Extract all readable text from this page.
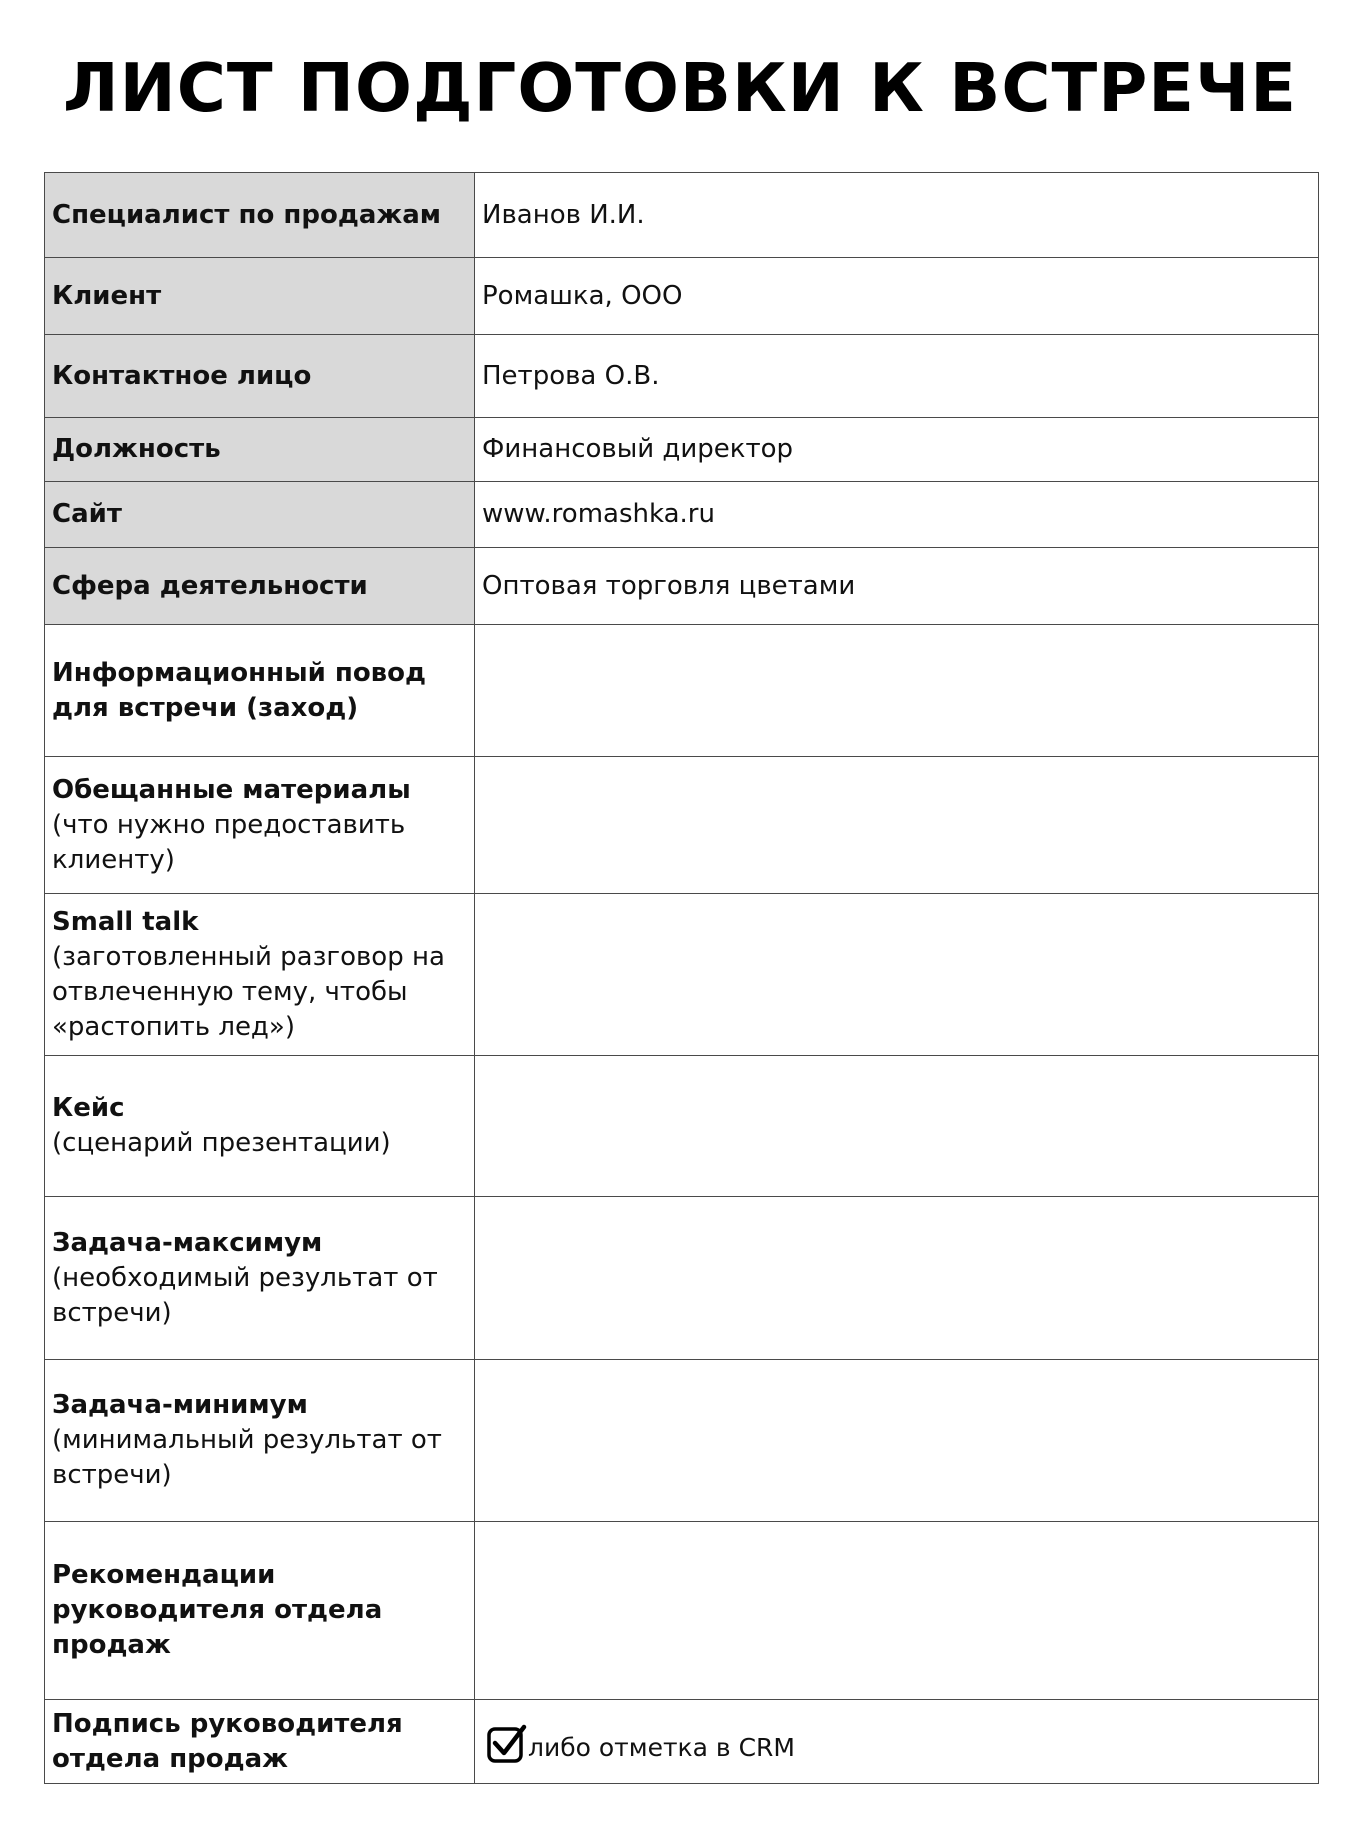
ЛИСТ ПОДГОТОВКИ К ВСТРЕЧЕ
Специалист по продажам	Иванов И.И.

Клиент	Ромашка, ООО

Контактное лицо	Петрова О.В.

Должность	Финансовый директор

Сайт	www.romashka.ru

Сфера деятельности	Оптовая торговля цветами

Информационный повод для встречи (заход)	

Обещанные материалы
(что нужно предоставить клиенту)	

Small talk
(заготовленный разговор на отвлеченную тему, чтобы «растопить лед»)	

Кейс
(сценарий презентации)	

Задача-максимум
(необходимый результат от встречи)	

Задача-минимум
(минимальный результат от встречи)	

Рекомендации руководителя отдела продаж	

Подпись руководителя отдела продаж	либо отметка в CRM
